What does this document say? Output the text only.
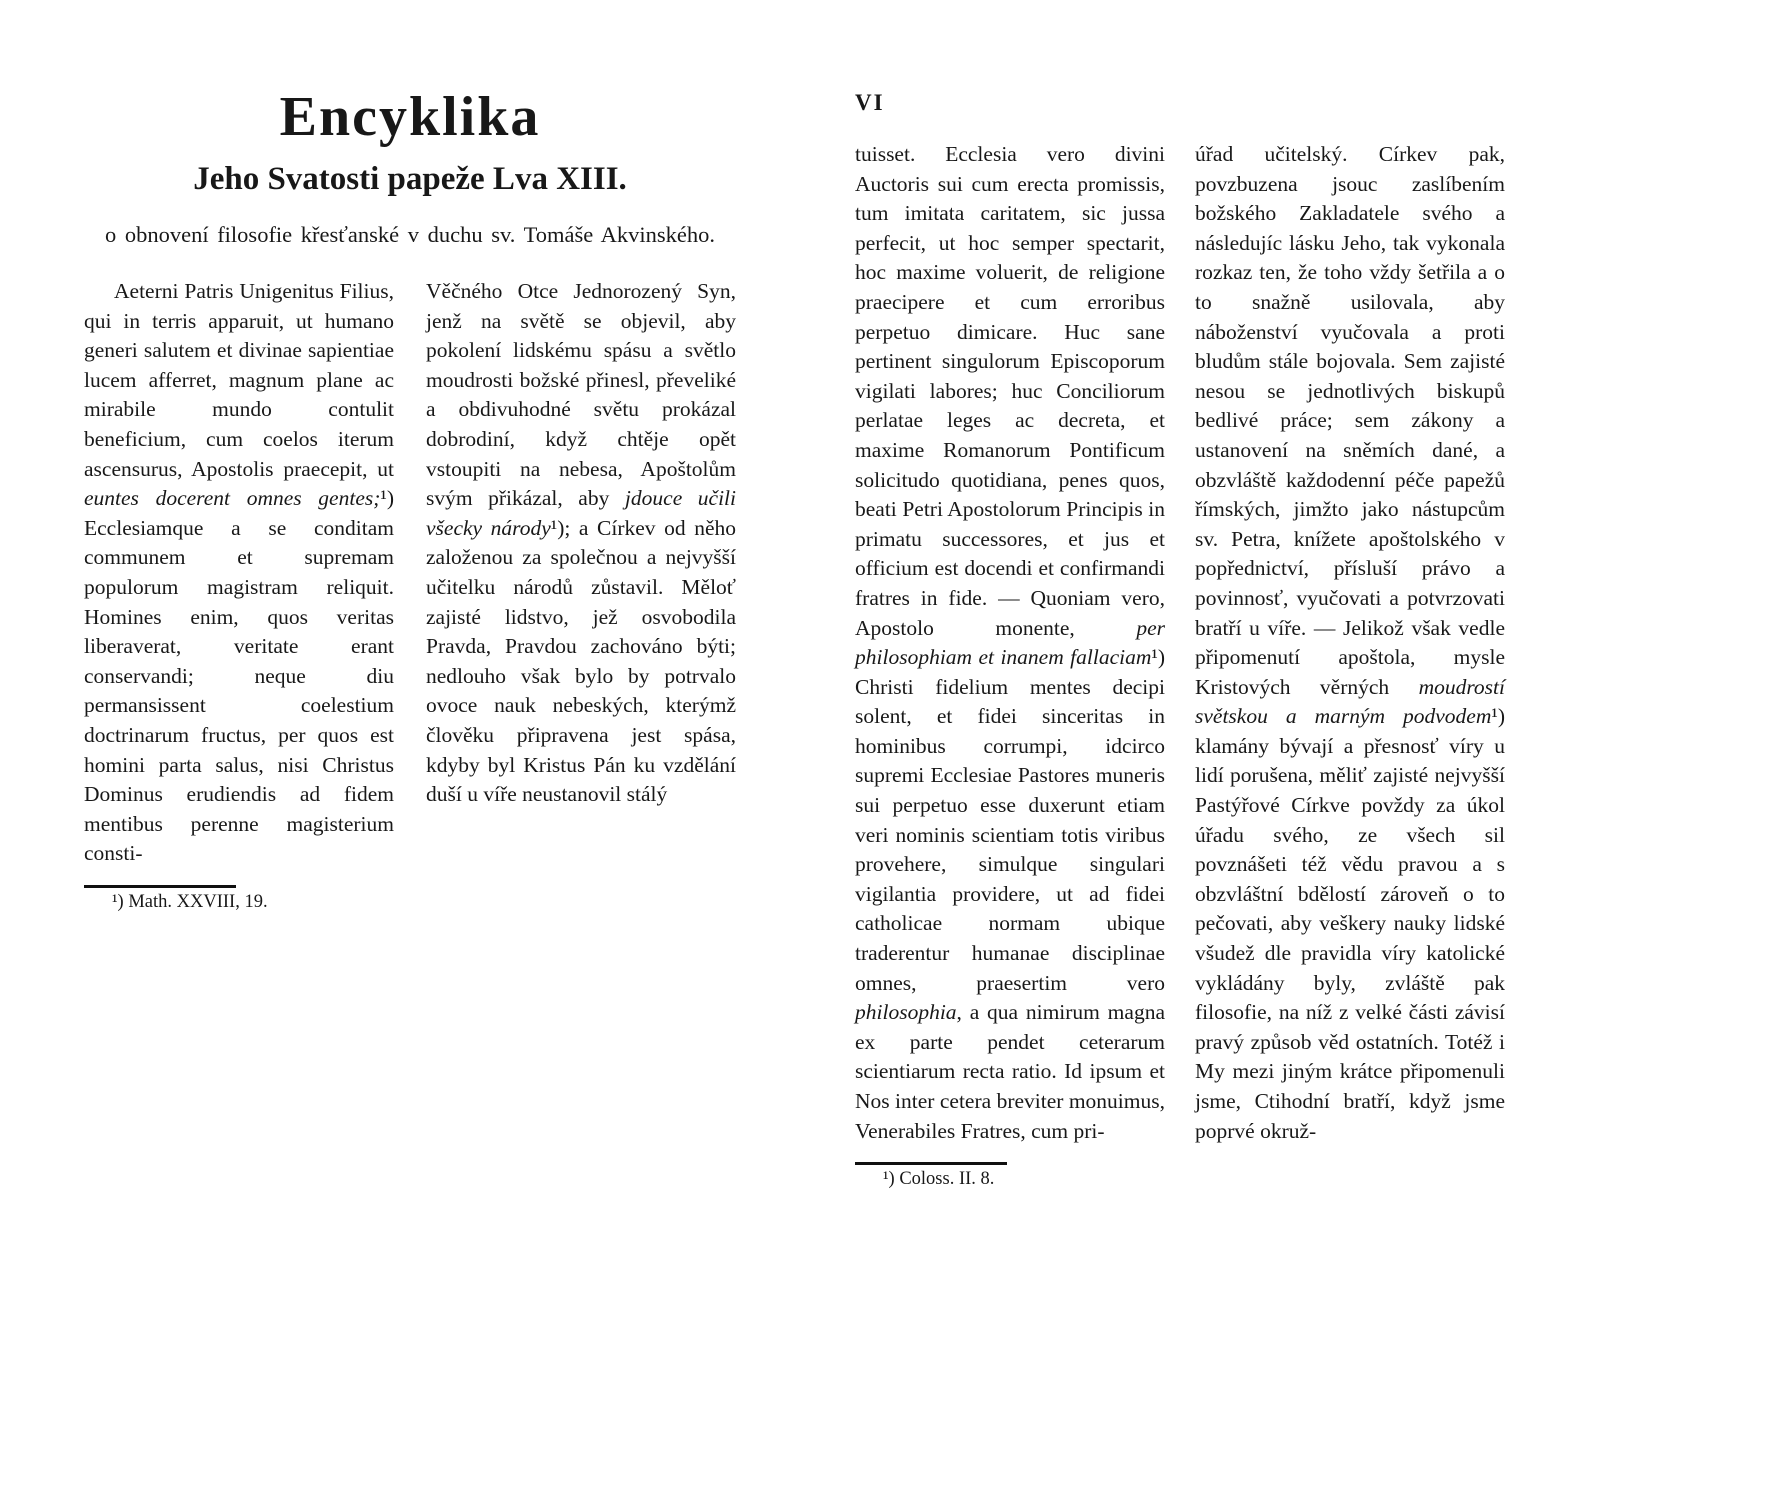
Encyklika
Jeho Svatosti papeže Lva XIII.

o obnovení filosofie křesťanské v duchu sv. Tomáše Akvinského.

Aeterni Patris Unigenitus Filius, qui in terris apparuit, ut humano generi salutem et divinae sapientiae lucem afferret, magnum plane ac mirabile mundo contulit beneficium, cum coelos iterum ascensurus, Apostolis praecepit, ut euntes docerent omnes gentes;¹) Ecclesiamque a se conditam communem et supremam populorum magistram reliquit. Homines enim, quos veritas liberaverat, veritate erant conservandi; neque diu permansissent coelestium doctrinarum fructus, per quos est homini parta salus, nisi Christus Dominus erudiendis ad fidem mentibus perenne magisterium consti-

¹) Math. XXVIII, 19.

Věčného Otce Jednorozený Syn, jenž na světě se objevil, aby pokolení lidskému spásu a světlo moudrosti božské přinesl, převeliké a obdivuhodné světu prokázal dobrodiní, když chtěje opět vstoupiti na nebesa, Apoštolům svým přikázal, aby jdouce učili všecky národy¹); a Církev od něho založenou za společnou a nejvyšší učitelku národů zůstavil. Měloť zajisté lidstvo, jež osvobodila Pravda, Pravdou zachováno býti; nedlouho však bylo by potrvalo ovoce nauk nebeských, kterýmž člověku připravena jest spása, kdyby byl Kristus Pán ku vzdělání duší u víře neustanovil stálý

VI

tuisset. Ecclesia vero divini Auctoris sui cum erecta promissis, tum imitata caritatem, sic jussa perfecit, ut hoc semper spectarit, hoc maxime voluerit, de religione praecipere et cum erroribus perpetuo dimicare. Huc sane pertinent singulorum Episcoporum vigilati labores; huc Conciliorum perlatae leges ac decreta, et maxime Romanorum Pontificum solicitudo quotidiana, penes quos, beati Petri Apostolorum Principis in primatu successores, et jus et officium est docendi et confirmandi fratres in fide. — Quoniam vero, Apostolo monente, per philosophiam et inanem fallaciam¹) Christi fidelium mentes decipi solent, et fidei sinceritas in hominibus corrumpi, idcirco supremi Ecclesiae Pastores muneris sui perpetuo esse duxerunt etiam veri nominis scientiam totis viribus provehere, simulque singulari vigilantia providere, ut ad fidei catholicae normam ubique traderentur humanae disciplinae omnes, praesertim vero philosophia, a qua nimirum magna ex parte pendet ceterarum scientiarum recta ratio. Id ipsum et Nos inter cetera breviter monuimus, Venerabiles Fratres, cum pri-

¹) Coloss. II. 8.

úřad učitelský. Církev pak, povzbuzena jsouc zaslíbením božského Zakladatele svého a následujíc lásku Jeho, tak vykonala rozkaz ten, že toho vždy šetřila a o to snažně usilovala, aby náboženství vyučovala a proti bludům stále bojovala. Sem zajisté nesou se jednotlivých biskupů bedlivé práce; sem zákony a ustanovení na sněmích dané, a obzvláště každodenní péče papežů římských, jimžto jako nástupcům sv. Petra, knížete apoštolského v popřednictví, přísluší právo a povinnosť, vyučovati a potvrzovati bratří u víře. — Jelikož však vedle připomenutí apoštola, mysle Kristových věrných moudrostí světskou a marným podvodem¹) klamány bývají a přesnosť víry u lidí porušena, měliť zajisté nejvyšší Pastýřové Církve povždy za úkol úřadu svého, ze všech sil povznášeti též vědu pravou a s obzvláštní bdělostí zároveň o to pečovati, aby veškery nauky lidské všudež dle pravidla víry katolické vykládány byly, zvláště pak filosofie, na níž z velké části závisí pravý způsob věd ostatních. Totéž i My mezi jiným krátce připomenuli jsme, Ctihodní bratří, když jsme poprvé okruž-
